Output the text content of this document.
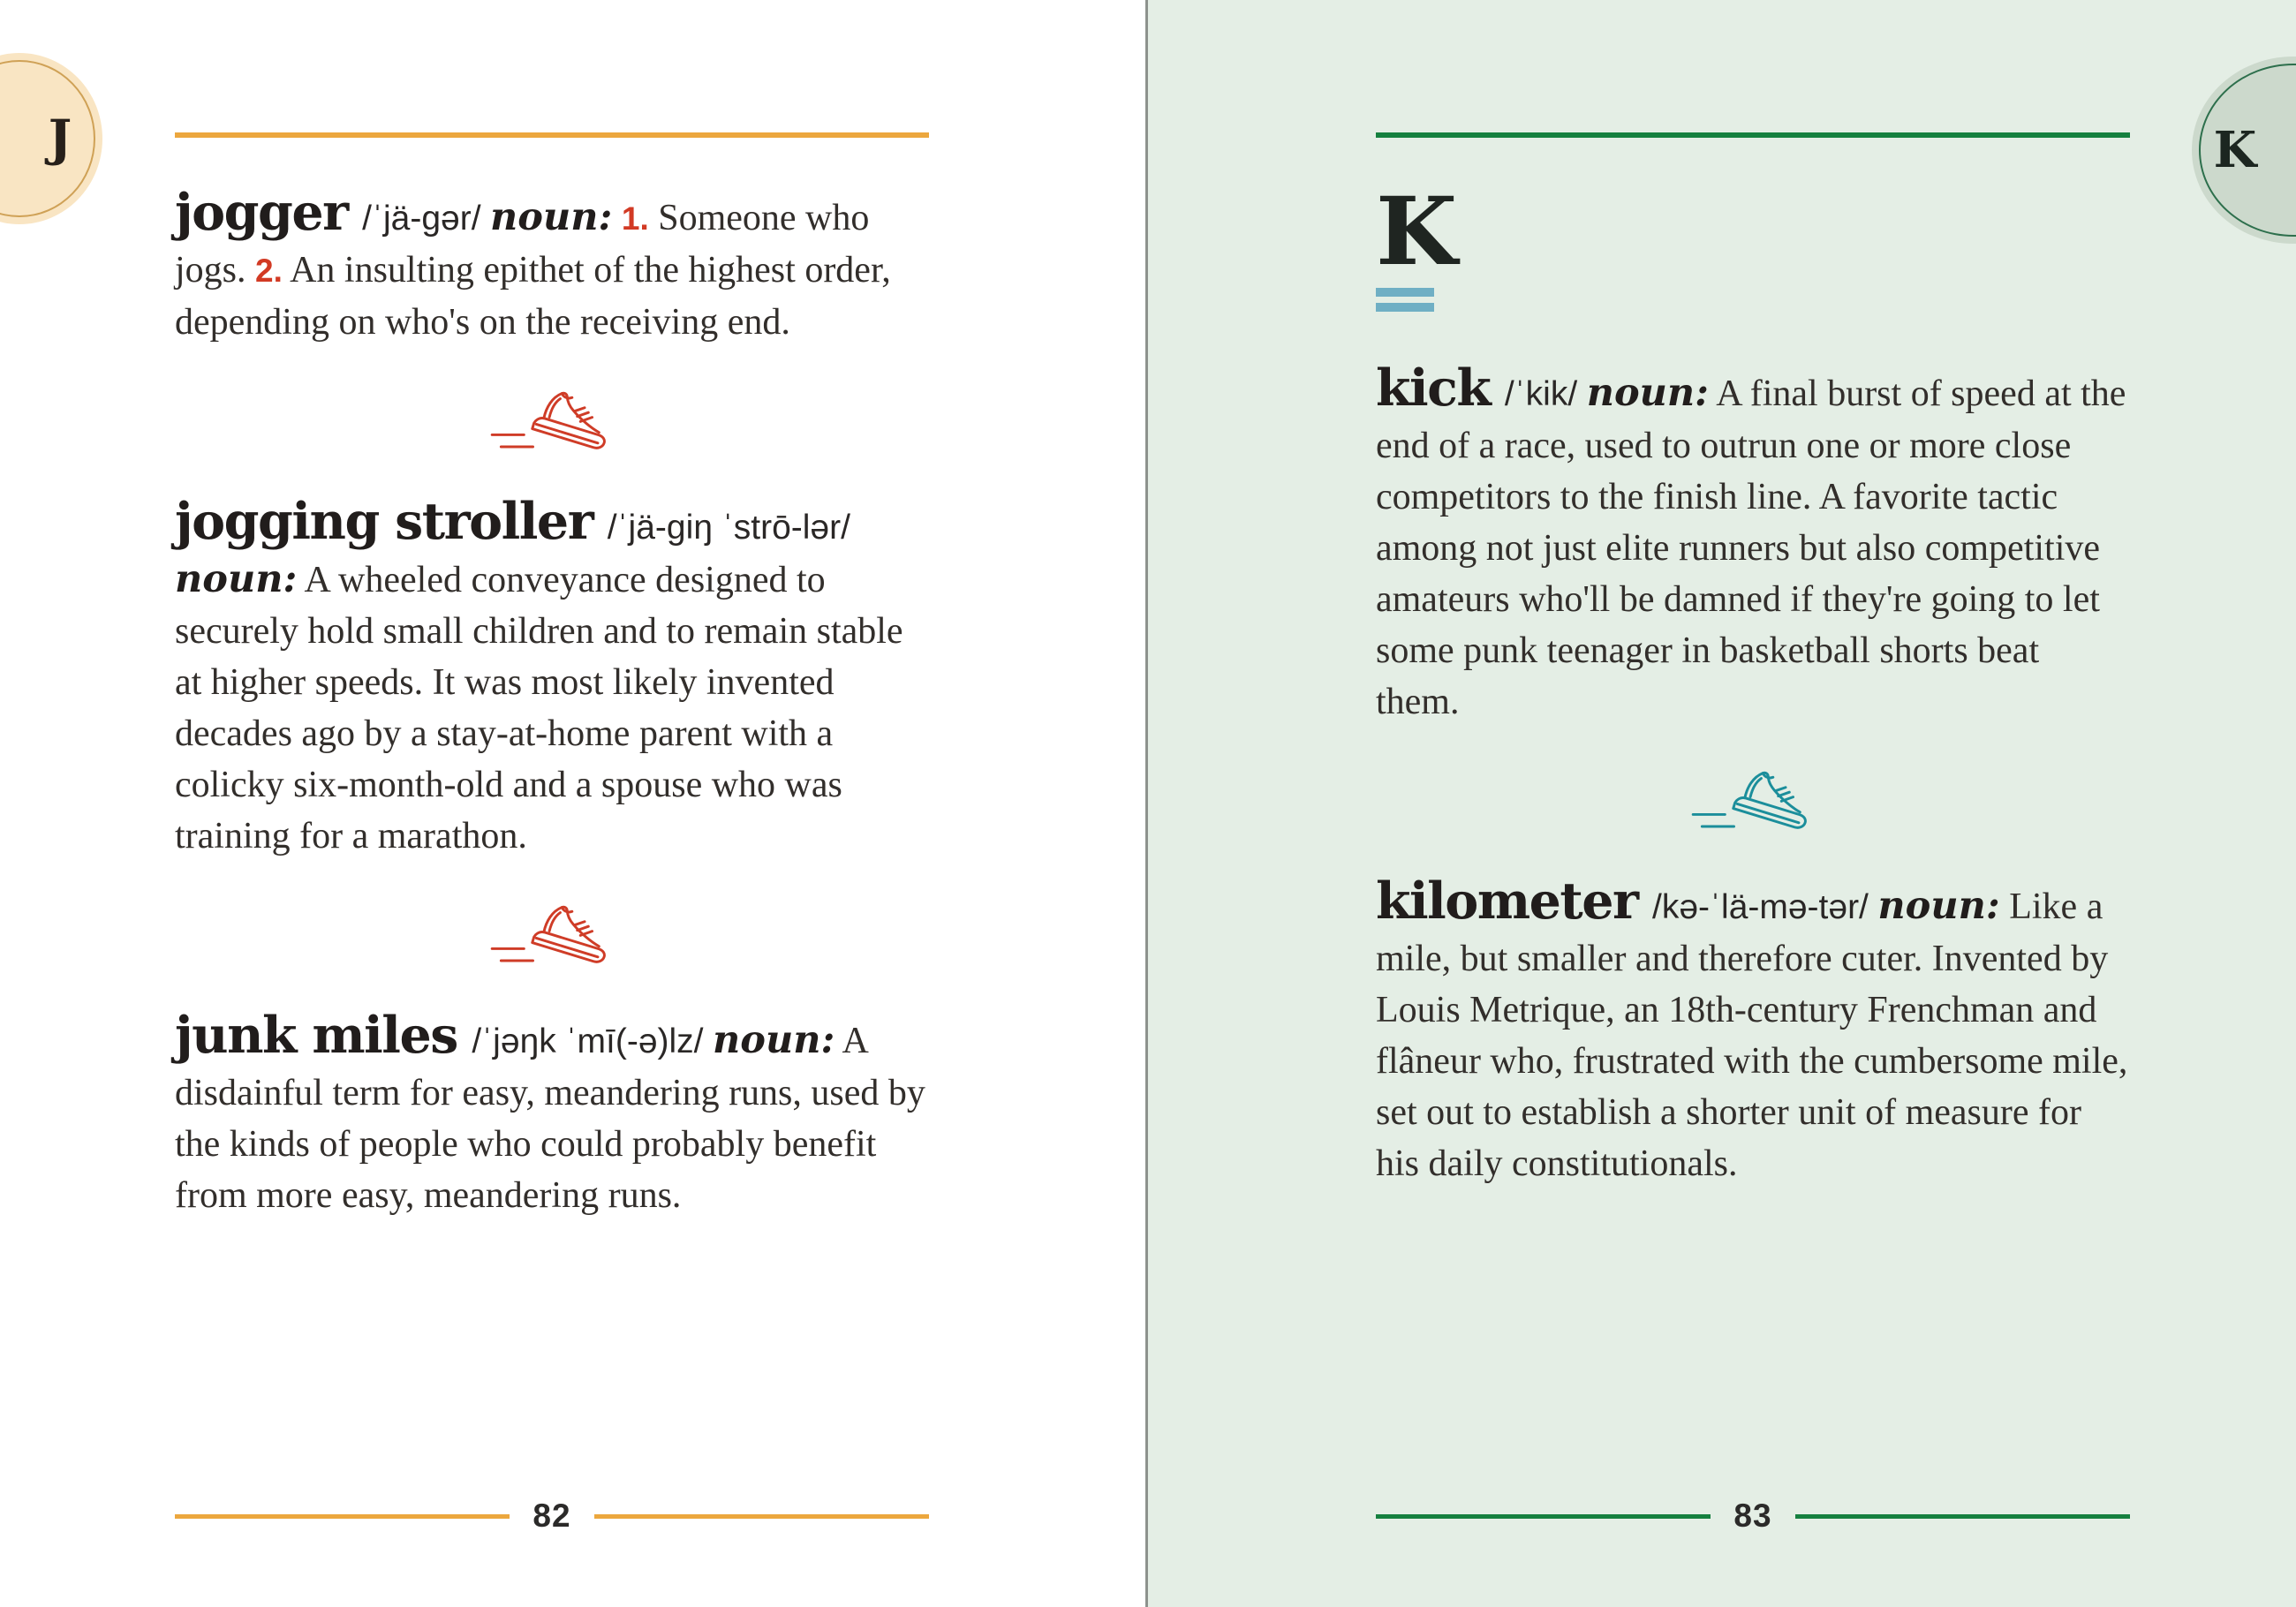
J

jogger /ˈjä-gər/ noun: 1. Someone who jogs. 2. An insulting epithet of the highest order, depending on who's on the receiving end.

jogging stroller /ˈjä-giŋ ˈstrō-lər/ noun: A wheeled conveyance designed to securely hold small children and to remain stable at higher speeds. It was most likely invented decades ago by a stay-at-home parent with a colicky six-month-old and a spouse who was training for a marathon.

junk miles /ˈjəŋk ˈmī(-ə)lz/ noun: A disdainful term for easy, meandering runs, used by the kinds of people who could probably benefit from more easy, meandering runs.

82
K
K

kick /ˈkik/ noun: A final burst of speed at the end of a race, used to outrun one or more close competitors to the finish line. A favorite tactic among not just elite runners but also competitive amateurs who'll be damned if they're going to let some punk teenager in basketball shorts beat them.

kilometer /kə-ˈlä-mə-tər/ noun: Like a mile, but smaller and therefore cuter. Invented by Louis Metrique, an 18th-century Frenchman and flâneur who, frustrated with the cumbersome mile, set out to establish a shorter unit of measure for his daily constitutionals.

83
